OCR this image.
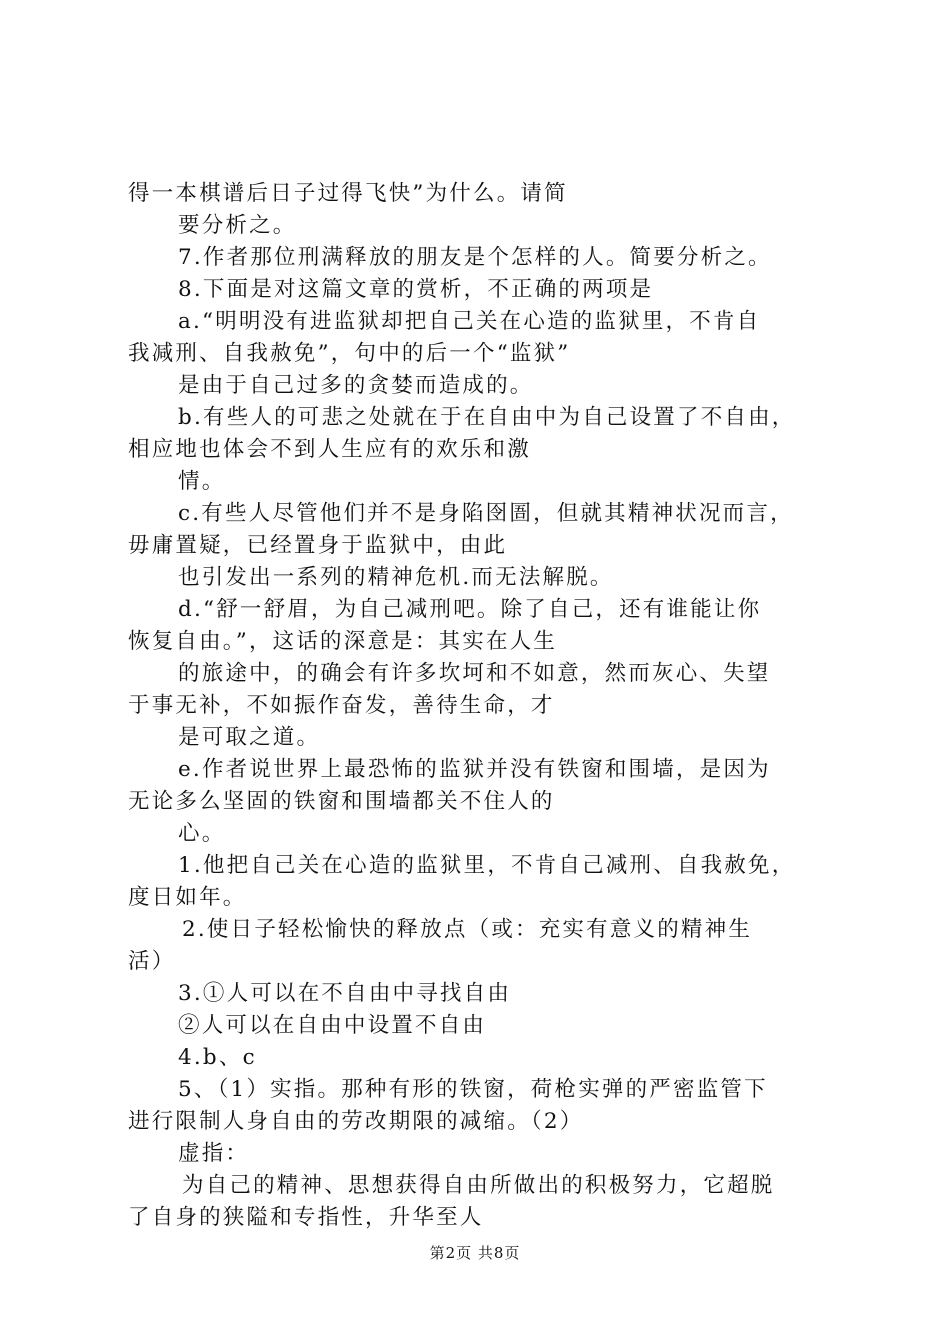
得一本棋谱后日子过得飞快”为什么。请简
要分析之。
7.作者那位刑满释放的朋友是个怎样的人。简要分析之。
8.下面是对这篇文章的赏析，不正确的两项是
a.“明明没有进监狱却把自己关在心造的监狱里，不肯自
我减刑、自我赦免”，句中的后一个“监狱”
是由于自己过多的贪婪而造成的。
b.有些人的可悲之处就在于在自由中为自己设置了不自由，
相应地也体会不到人生应有的欢乐和激
情。
c.有些人尽管他们并不是身陷囹圄，但就其精神状况而言，
毋庸置疑，已经置身于监狱中，由此
也引发出一系列的精神危机.而无法解脱。
d.“舒一舒眉，为自己减刑吧。除了自己，还有谁能让你
恢复自由。”，这话的深意是：其实在人生
的旅途中，的确会有许多坎坷和不如意，然而灰心、失望
于事无补，不如振作奋发，善待生命，才
是可取之道。
e.作者说世界上最恐怖的监狱并没有铁窗和围墙，是因为
无论多么坚固的铁窗和围墙都关不住人的
心。
1.他把自己关在心造的监狱里，不肯自己减刑、自我赦免，
度日如年。
2.使日子轻松愉快的释放点（或：充实有意义的精神生
活）
3.①人可以在不自由中寻找自由
②人可以在自由中设置不自由
4.b、c
5、（1）实指。那种有形的铁窗，荷枪实弹的严密监管下
进行限制人身自由的劳改期限的减缩。（2）
虚指：
为自己的精神、思想获得自由所做出的积极努力，它超脱
了自身的狭隘和专指性，升华至人
第2页 共8页
